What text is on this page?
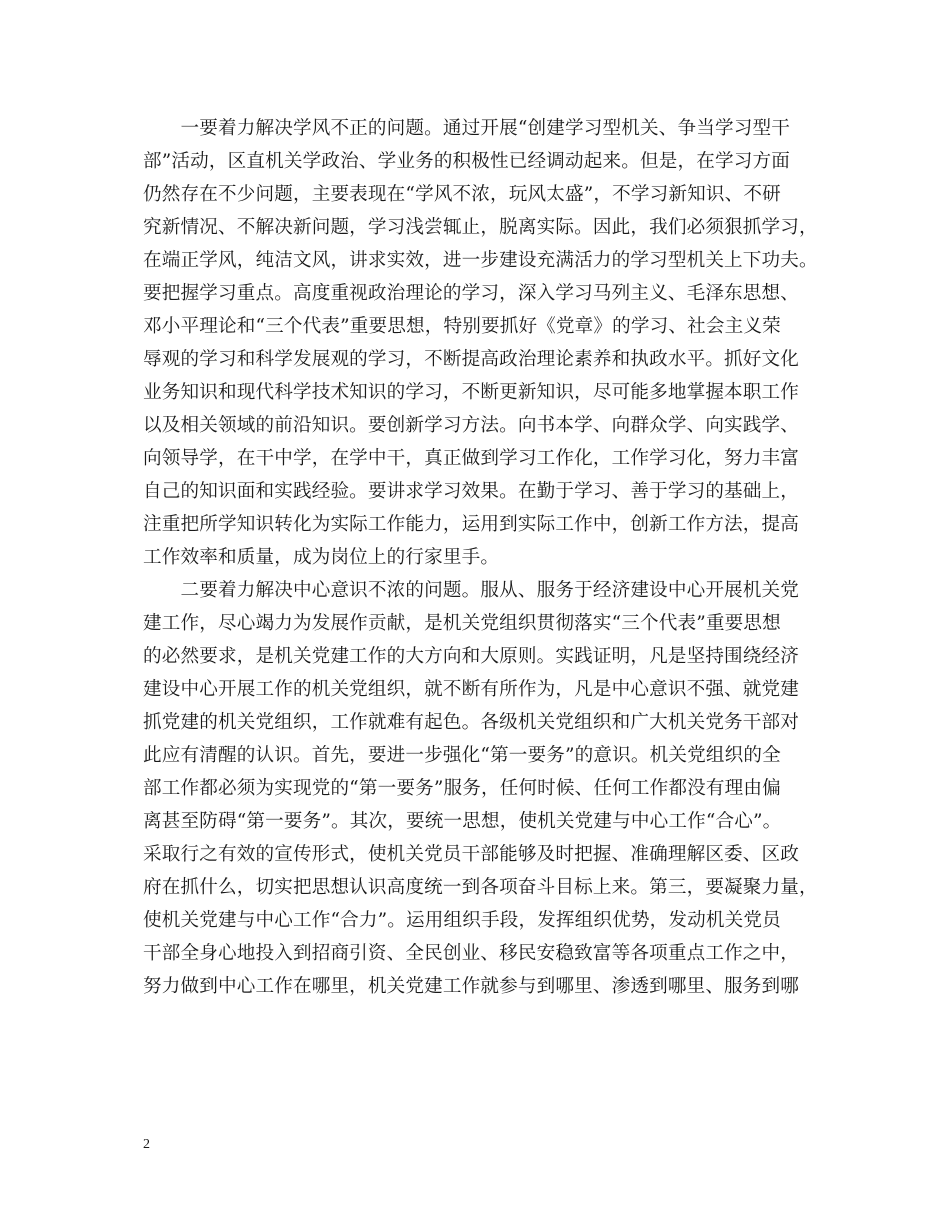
　　一要着力解决学风不正的问题。通过开展“创建学习型机关、争当学习型干
部”活动，区直机关学政治、学业务的积极性已经调动起来。但是，在学习方面
仍然存在不少问题，主要表现在“学风不浓，玩风太盛”，不学习新知识、不研
究新情况、不解决新问题，学习浅尝辄止，脱离实际。因此，我们必须狠抓学习，
在端正学风，纯洁文风，讲求实效，进一步建设充满活力的学习型机关上下功夫。
要把握学习重点。高度重视政治理论的学习，深入学习马列主义、毛泽东思想、
邓小平理论和“三个代表”重要思想，特别要抓好《党章》的学习、社会主义荣
辱观的学习和科学发展观的学习，不断提高政治理论素养和执政水平。抓好文化
业务知识和现代科学技术知识的学习，不断更新知识，尽可能多地掌握本职工作
以及相关领域的前沿知识。要创新学习方法。向书本学、向群众学、向实践学、
向领导学，在干中学，在学中干，真正做到学习工作化，工作学习化，努力丰富
自己的知识面和实践经验。要讲求学习效果。在勤于学习、善于学习的基础上，
注重把所学知识转化为实际工作能力，运用到实际工作中，创新工作方法，提高
工作效率和质量，成为岗位上的行家里手。
　　二要着力解决中心意识不浓的问题。服从、服务于经济建设中心开展机关党
建工作，尽心竭力为发展作贡献，是机关党组织贯彻落实“三个代表”重要思想
的必然要求，是机关党建工作的大方向和大原则。实践证明，凡是坚持围绕经济
建设中心开展工作的机关党组织，就不断有所作为，凡是中心意识不强、就党建
抓党建的机关党组织，工作就难有起色。各级机关党组织和广大机关党务干部对
此应有清醒的认识。首先，要进一步强化“第一要务”的意识。机关党组织的全
部工作都必须为实现党的“第一要务”服务，任何时候、任何工作都没有理由偏
离甚至防碍“第一要务”。其次，要统一思想，使机关党建与中心工作“合心”。
采取行之有效的宣传形式，使机关党员干部能够及时把握、准确理解区委、区政
府在抓什么，切实把思想认识高度统一到各项奋斗目标上来。第三，要凝聚力量，
使机关党建与中心工作“合力”。运用组织手段，发挥组织优势，发动机关党员
干部全身心地投入到招商引资、全民创业、移民安稳致富等各项重点工作之中，
努力做到中心工作在哪里，机关党建工作就参与到哪里、渗透到哪里、服务到哪
2
